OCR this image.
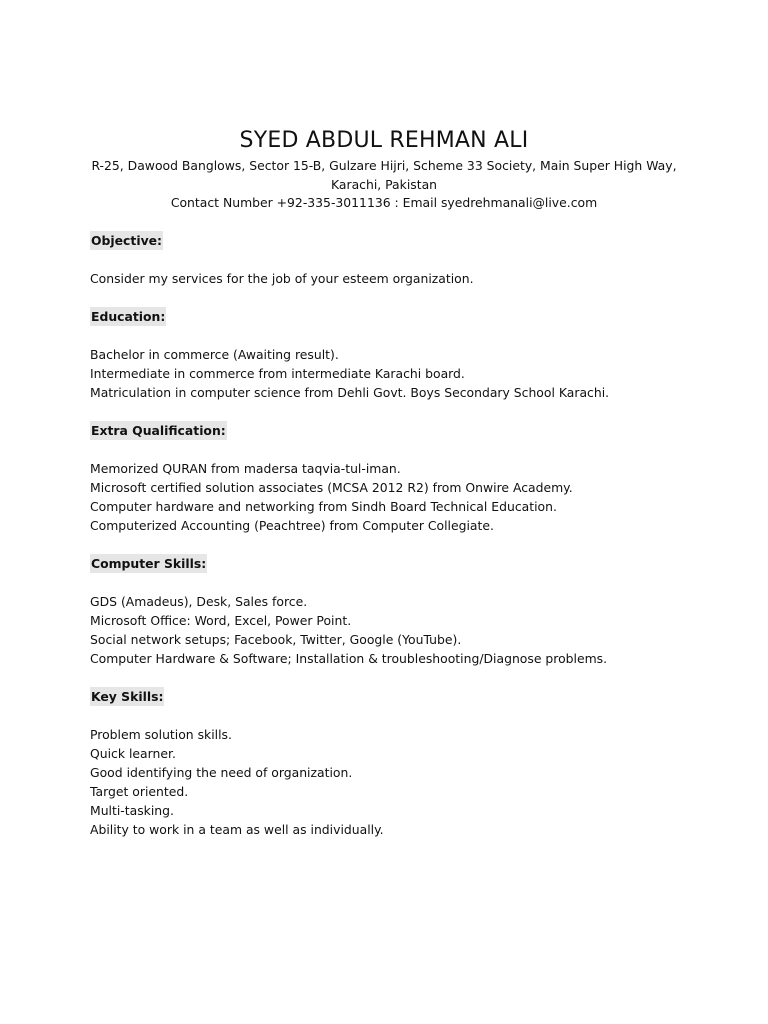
SYED ABDUL REHMAN ALI
R-25, Dawood Banglows, Sector 15-B, Gulzare Hijri, Scheme 33 Society, Main Super High Way,
Karachi, Pakistan
Contact Number +92-335-3011136 : Email syedrehmanali@live.com
Objective:
Consider my services for the job of your esteem organization.
Education:
Bachelor in commerce (Awaiting result).
Intermediate in commerce from intermediate Karachi board.
Matriculation in computer science from Dehli Govt. Boys Secondary School Karachi.
Extra Qualification:
Memorized QURAN from madersa taqvia-tul-iman.
Microsoft certified solution associates (MCSA 2012 R2) from Onwire Academy.
Computer hardware and networking from Sindh Board Technical Education.
Computerized Accounting (Peachtree) from Computer Collegiate.
Computer Skills:
GDS (Amadeus), Desk, Sales force.
Microsoft Office: Word, Excel, Power Point.
Social network setups; Facebook, Twitter, Google (YouTube).
Computer Hardware & Software; Installation & troubleshooting/Diagnose problems.
Key Skills:
Problem solution skills.
Quick learner.
Good identifying the need of organization.
Target oriented.
Multi-tasking.
Ability to work in a team as well as individually.
